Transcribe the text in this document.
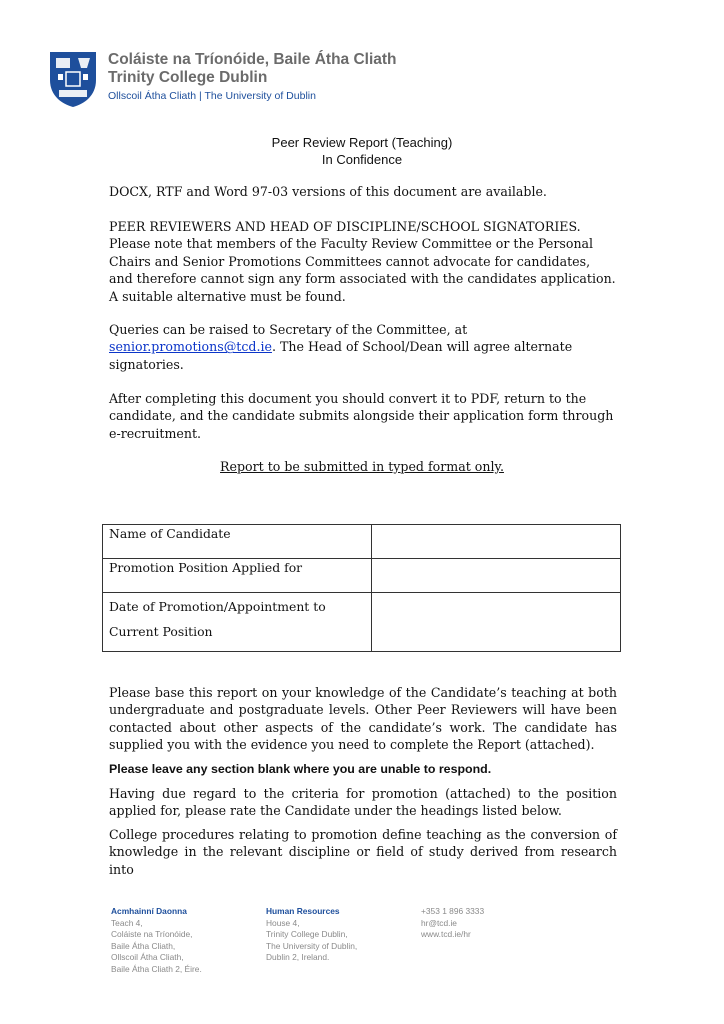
Coláiste na Tríonóide, Baile Átha Cliath
Trinity College Dublin
Ollscoil Átha Cliath | The University of Dublin
Peer Review Report (Teaching)
In Confidence

DOCX, RTF and Word 97-03 versions of this document are available.

PEER REVIEWERS AND HEAD OF DISCIPLINE/SCHOOL SIGNATORIES. Please note that members of the Faculty Review Committee or the Personal Chairs and Senior Promotions Committees cannot advocate for candidates, and therefore cannot sign any form associated with the candidates application. A suitable alternative must be found.

Queries can be raised to Secretary of the Committee, at senior.promotions@tcd.ie. The Head of School/Dean will agree alternate signatories.

After completing this document you should convert it to PDF, return to the candidate, and the candidate submits alongside their application form through e-recruitment.

Report to be submitted in typed format only.

Name of Candidate	
Promotion Position Applied for	
Date of Promotion/Appointment to Current Position	

Please base this report on your knowledge of the Candidate’s teaching at both undergraduate and postgraduate levels. Other Peer Reviewers will have been contacted about other aspects of the candidate’s work. The candidate has supplied you with the evidence you need to complete the Report (attached).

Please leave any section blank where you are unable to respond.

Having due regard to the criteria for promotion (attached) to the position applied for, please rate the Candidate under the headings listed below.

College procedures relating to promotion define teaching as the conversion of knowledge in the relevant discipline or field of study derived from research into

Acmhainní Daonna
Teach 4,
Coláiste na Tríonóide,
Baile Átha Cliath,
Ollscoil Átha Cliath,
Baile Átha Cliath 2, Éire.
Human Resources
House 4,
Trinity College Dublin,
The University of Dublin,
Dublin 2, Ireland.
+353 1 896 3333
hr@tcd.ie
www.tcd.ie/hr
